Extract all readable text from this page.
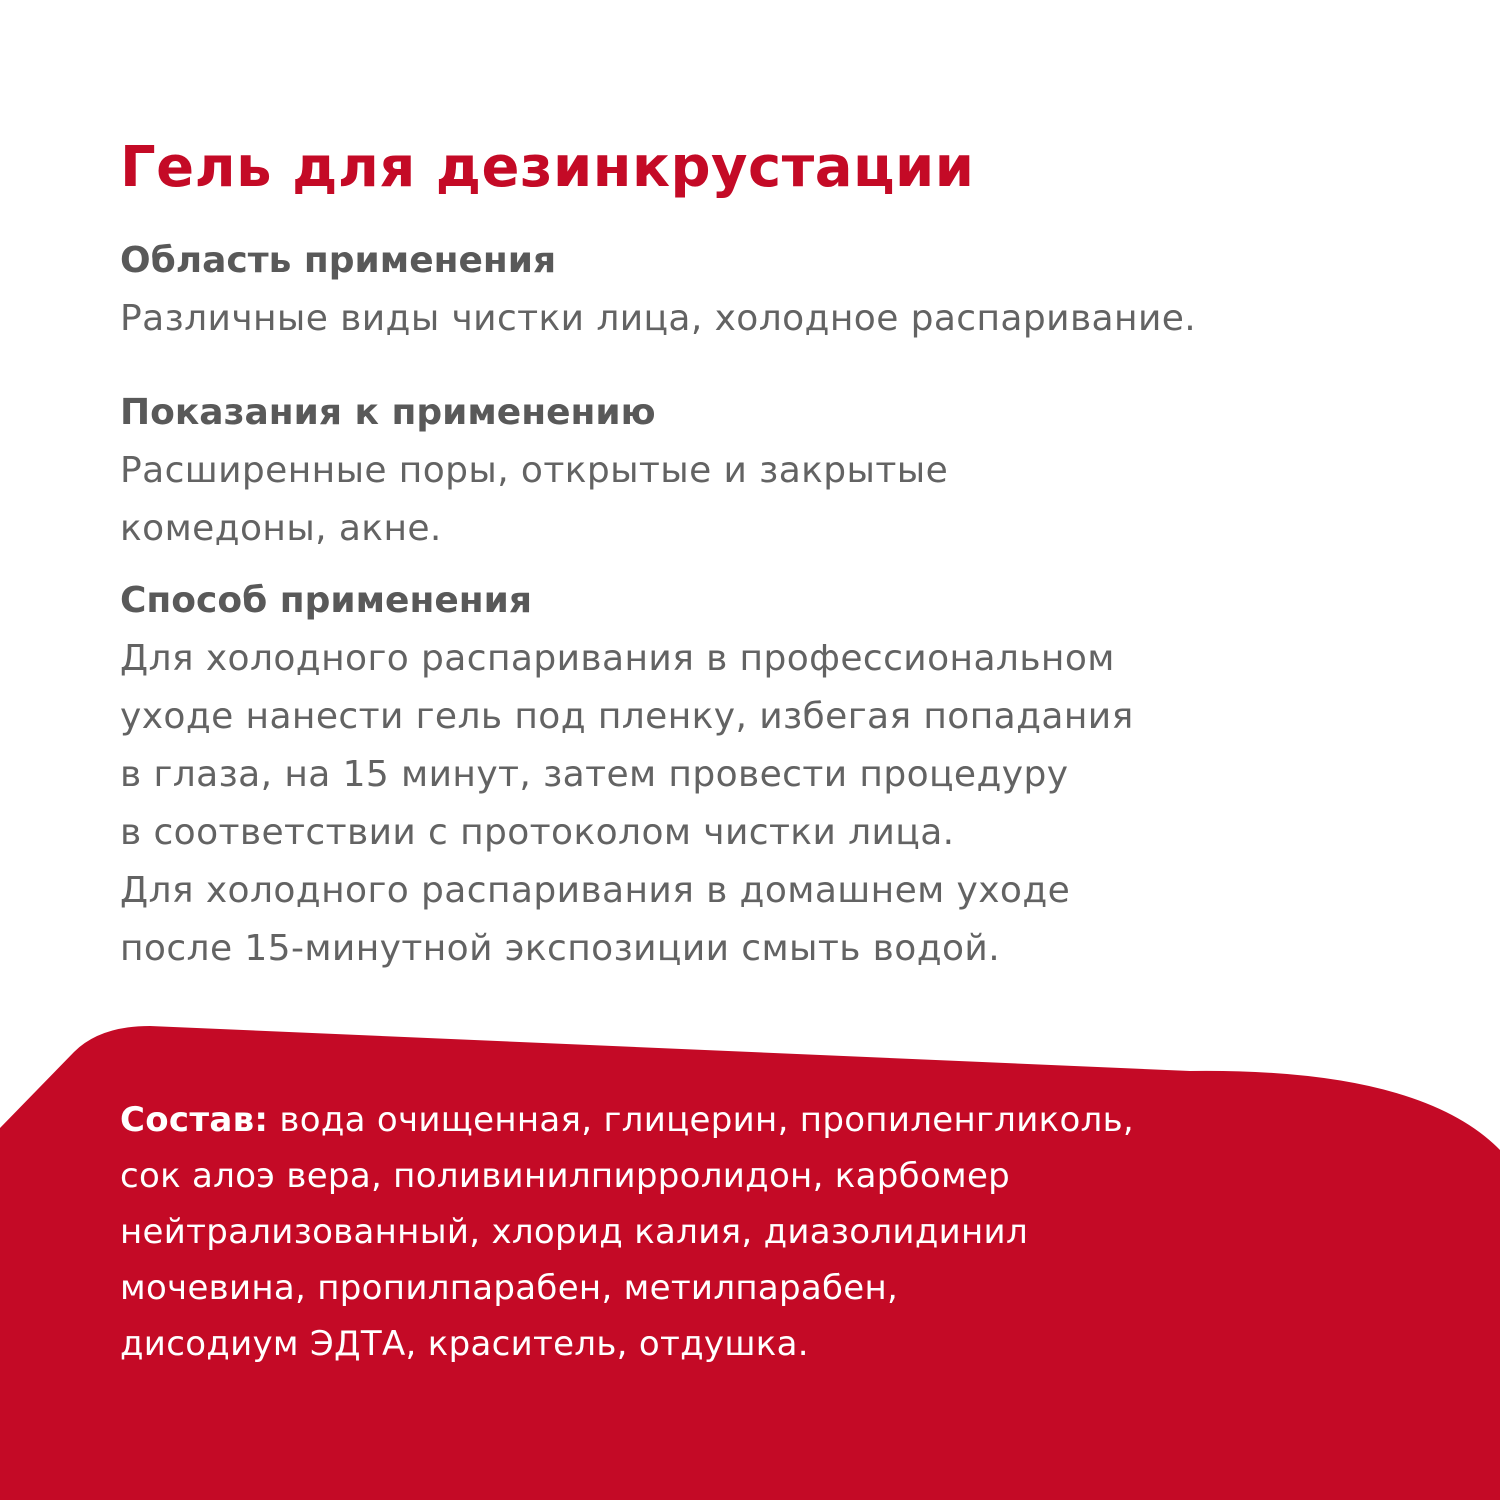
Гель для дезинкрустации
Область применения
Различные виды чистки лица, холодное распаривание.
Показания к применению
Расширенные поры, открытые и закрытые
комедоны, акне.
Способ применения
Для холодного распаривания в профессиональном
уходе нанести гель под пленку, избегая попадания
в глаза, на 15 минут, затем провести процедуру
в соответствии с протоколом чистки лица.
Для холодного распаривания в домашнем уходе
после 15-минутной экспозиции смыть водой.
Состав: вода очищенная, глицерин, пропиленгликоль,
сок алоэ вера, поливинилпирролидон, карбомер
нейтрализованный, хлорид калия, диазолидинил
мочевина, пропилпарабен, метилпарабен,
дисодиум ЭДТА, краситель, отдушка.
